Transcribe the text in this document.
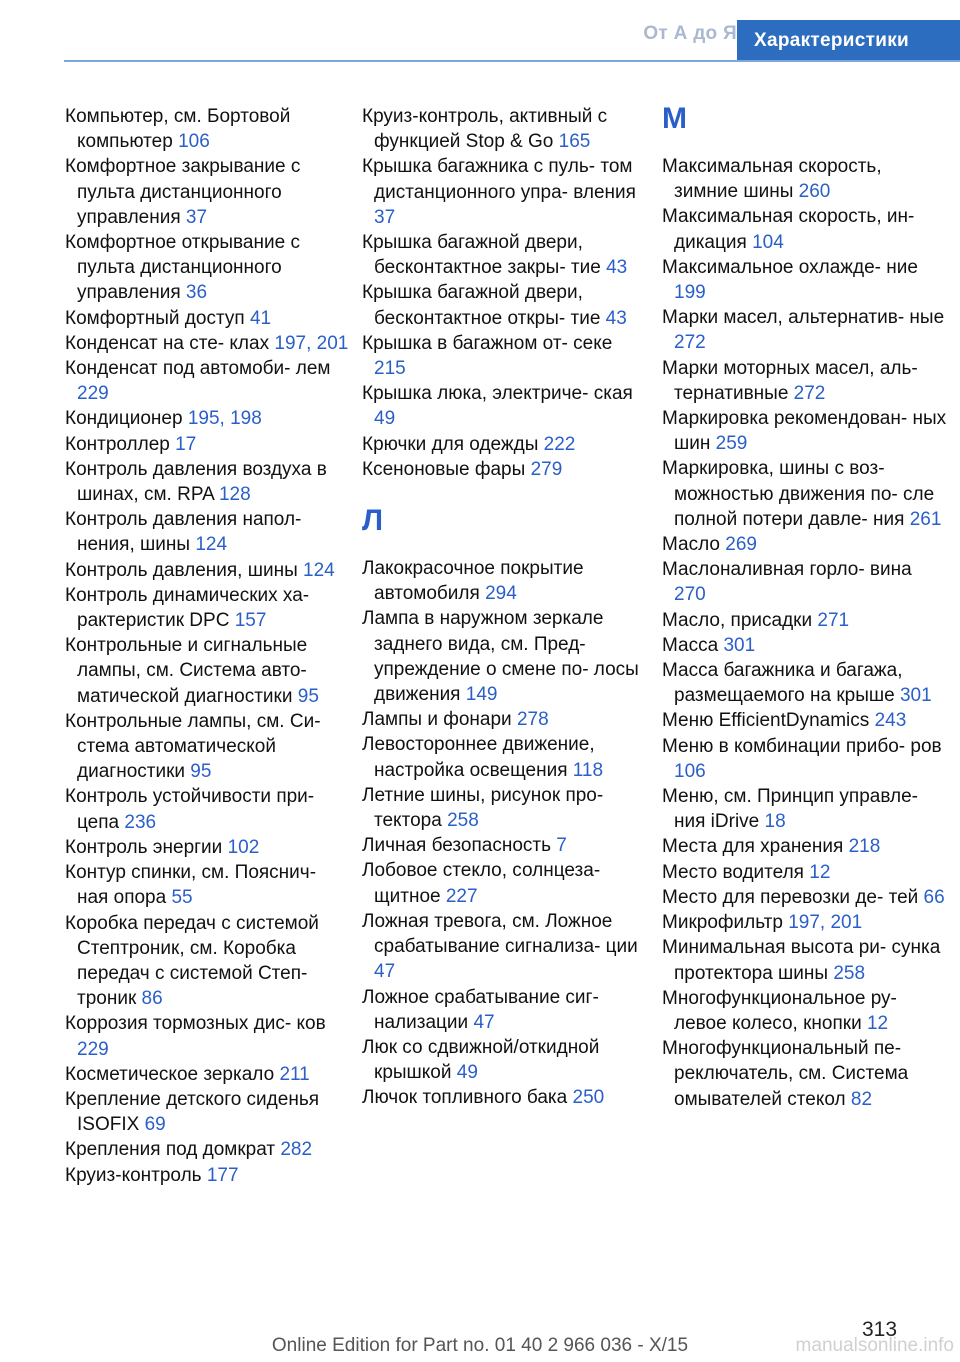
От А до Я Характеристики
Компьютер, см. Бортовой компьютер 106
Комфортное закрывание с пульта дистанционного управления 37
Комфортное открывание с пульта дистанционного управления 36
Комфортный доступ 41
Конденсат на сте- клах 197, 201
Конденсат под автомоби- лем 229
Кондиционер 195, 198
Контроллер 17
Контроль давления воздуха в шинах, см. RPA 128
Контроль давления напол- нения, шины 124
Контроль давления, шины 124
Контроль динамических ха- рактеристик DPC 157
Контрольные и сигнальные лампы, см. Система авто- матической диагностики 95
Контрольные лампы, см. Си- стема автоматической диагностики 95
Контроль устойчивости при- цепа 236
Контроль энергии 102
Контур спинки, см. Пояснич- ная опора 55
Коробка передач с системой Стептроник, см. Коробка передач с системой Степ- троник 86
Коррозия тормозных дис- ков 229
Косметическое зеркало 211
Крепление детского сиденья ISOFIX 69
Крепления под домкрат 282
Круиз-контроль 177
Круиз-контроль, активный с функцией Stop & Go 165
Крышка багажника с пуль- том дистанционного упра- вления 37
Крышка багажной двери, бесконтактное закры- тие 43
Крышка багажной двери, бесконтактное откры- тие 43
Крышка в багажном от- секе 215
Крышка люка, электриче- ская 49
Крючки для одежды 222
Ксеноновые фары 279
Л
Лакокрасочное покрытие автомобиля 294
Лампа в наружном зеркале заднего вида, см. Пред- упреждение о смене по- лосы движения 149
Лампы и фонари 278
Левостороннее движение, настройка освещения 118
Летние шины, рисунок про- тектора 258
Личная безопасность 7
Лобовое стекло, солнцеза- щитное 227
Ложная тревога, см. Ложное срабатывание сигнализа- ции 47
Ложное срабатывание сиг- нализации 47
Люк со сдвижной/откидной крышкой 49
Лючок топливного бака 250
М
Максимальная скорость, зимние шины 260
Максимальная скорость, ин- дикация 104
Максимальное охлажде- ние 199
Марки масел, альтернатив- ные 272
Марки моторных масел, аль- тернативные 272
Маркировка рекомендован- ных шин 259
Маркировка, шины с воз- можностью движения по- сле полной потери давле- ния 261
Масло 269
Маслоналивная горло- вина 270
Масло, присадки 271
Масса 301
Масса багажника и багажа, размещаемого на крыше 301
Меню EfficientDynamics 243
Меню в комбинации прибо- ров 106
Меню, см. Принцип управле- ния iDrive 18
Места для хранения 218
Место водителя 12
Место для перевозки де- тей 66
Микрофильтр 197, 201
Минимальная высота ри- сунка протектора шины 258
Многофункциональное ру- левое колесо, кнопки 12
Многофункциональный пе- реключатель, см. Система омывателей стекол 82
313
Online Edition for Part no. 01 40 2 966 036 - X/15	manualsonline.info
